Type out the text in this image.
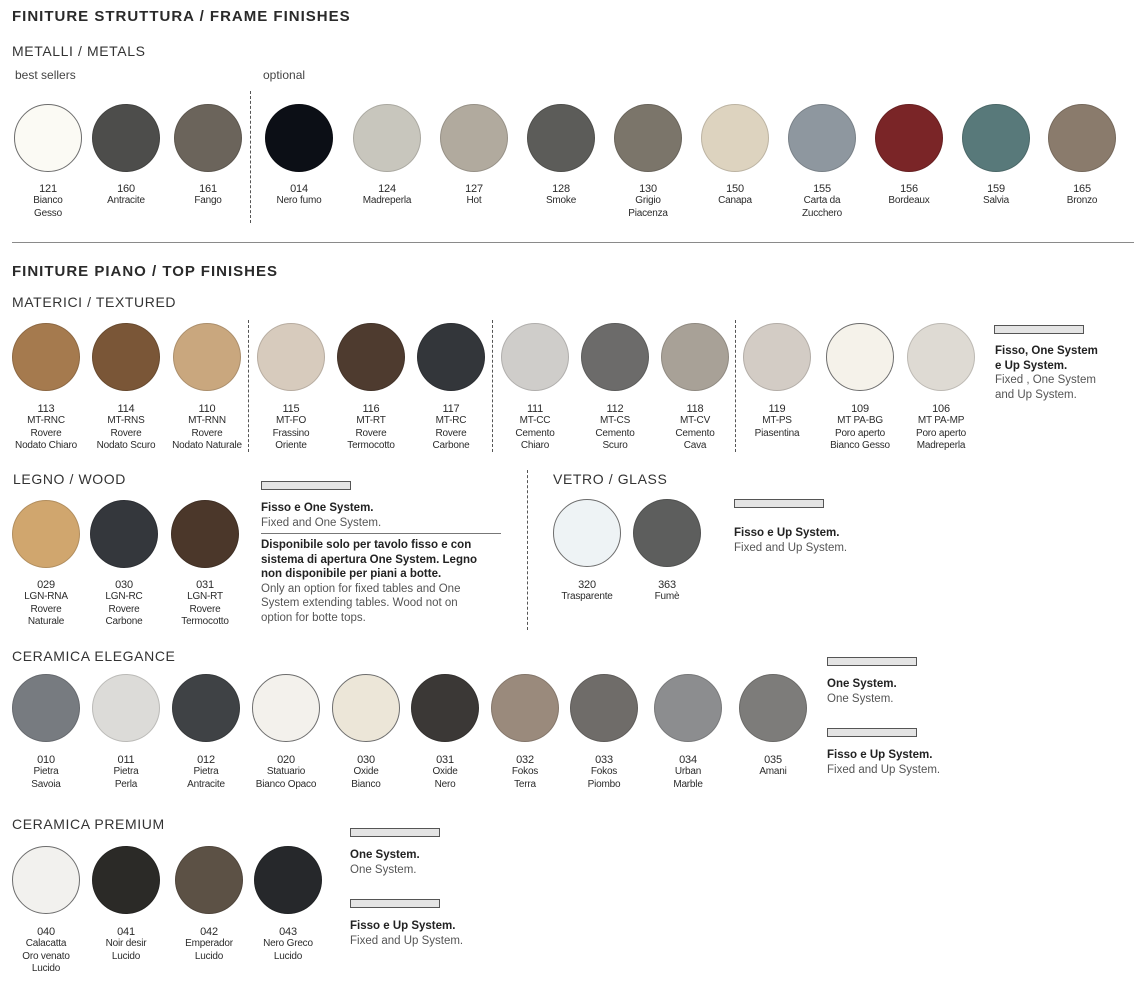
FINITURE STRUTTURA / FRAME FINISHES
METALLI / METALS
best sellers	optional
FINITURE PIANO / TOP FINISHES
MATERICI / TEXTURED
LEGNO / WOOD	VETRO / GLASS
CERAMICA ELEGANCE
CERAMICA PREMIUM
121
Bianco
Gesso
160
Antracite
161
Fango
014
Nero fumo
124
Madreperla
127
Hot
128
Smoke
130
Grigio
Piacenza
150
Canapa
155
Carta da
Zucchero
156
Bordeaux
159
Salvia
165
Bronzo
113
MT-RNC
Rovere
Nodato Chiaro
114
MT-RNS
Rovere
Nodato Scuro
110
MT-RNN
Rovere
Nodato Naturale
115
MT-FO
Frassino
Oriente
116
MT-RT
Rovere
Termocotto
117
MT-RC
Rovere
Carbone
111
MT-CC
Cemento
Chiaro
112
MT-CS
Cemento
Scuro
118
MT-CV
Cemento
Cava
119
MT-PS
Piasentina
109
MT PA-BG
Poro aperto
Bianco Gesso
106
MT PA-MP
Poro aperto
Madreperla
029
LGN-RNA
Rovere
Naturale
030
LGN-RC
Rovere
Carbone
031
LGN-RT
Rovere
Termocotto
320
Trasparente
363
Fumè
010
Pietra
Savoia
011
Pietra
Perla
012
Pietra
Antracite
020
Statuario
Bianco Opaco
030
Oxide
Bianco
031
Oxide
Nero
032
Fokos
Terra
033
Fokos
Piombo
034
Urban
Marble
035
Amani
040
Calacatta
Oro venato
Lucido
041
Noir desir
Lucido
042
Emperador
Lucido
043
Nero Greco
Lucido
Fisso, One System
e Up System.
Fixed , One System
and Up System.
Fisso e One System.
Fixed and One System.
Disponibile solo per tavolo fisso e con
sistema di apertura One System. Legno
non disponibile per piani a botte.
Only an option for fixed tables and One
System extending tables. Wood not on
option for botte tops.
Fisso e Up System.
Fixed and Up System.
One System.
One System.
Fisso e Up System.
Fixed and Up System.
One System.
One System.
Fisso e Up System.
Fixed and Up System.
